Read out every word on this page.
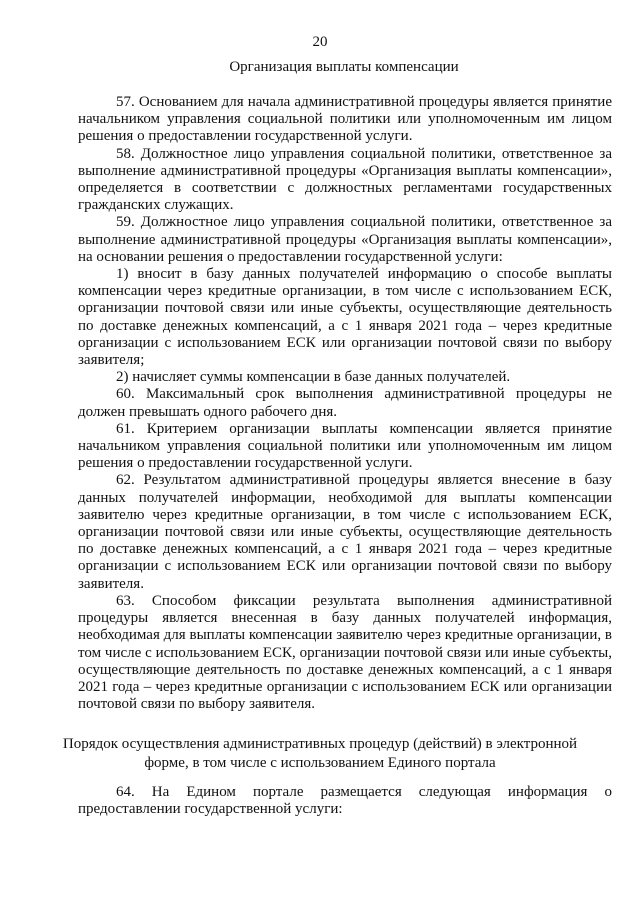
20
Организация выплаты компенсации

57. Основанием для начала административной процедуры является принятие начальником управления социальной политики или уполномоченным им лицом решения о предоставлении государственной услуги.

58. Должностное лицо управления социальной политики, ответственное за выполнение административной процедуры «Организация выплаты компенсации», определяется в соответствии с должностных регламентами государственных гражданских служащих.

59. Должностное лицо управления социальной политики, ответственное за выполнение административной процедуры «Организация выплаты компенсации», на основании решения о предоставлении государственной услуги:

1) вносит в базу данных получателей информацию о способе выплаты компенсации через кредитные организации, в том числе с использованием ЕСК, организации почтовой связи или иные субъекты, осуществляющие деятельность по доставке денежных компенсаций, а с 1 января 2021 года – через кредитные организации с использованием ЕСК или организации почтовой связи по выбору заявителя;

2) начисляет суммы компенсации в базе данных получателей.

60. Максимальный срок выполнения административной процедуры не должен превышать одного рабочего дня.

61. Критерием организации выплаты компенсации является принятие начальником управления социальной политики или уполномоченным им лицом решения о предоставлении государственной услуги.

62. Результатом административной процедуры является внесение в базу данных получателей информации, необходимой для выплаты компенсации заявителю через кредитные организации, в том числе с использованием ЕСК, организации почтовой связи или иные субъекты, осуществляющие деятельность по доставке денежных компенсаций, а с 1 января 2021 года – через кредитные организации с использованием ЕСК или организации почтовой связи по выбору заявителя.

63. Способом фиксации результата выполнения административной процедуры является внесенная в базу данных получателей информация, необходимая для выплаты компенсации заявителю через кредитные организации, в том числе с использованием ЕСК, организации почтовой связи или иные субъекты, осуществляющие деятельность по доставке денежных компенсаций, а с 1 января 2021 года – через кредитные организации с использованием ЕСК или организации почтовой связи по выбору заявителя.

Порядок осуществления административных процедур (действий) в электронной
форме, в том числе с использованием Единого портала

64. На Едином портале размещается следующая информация о предоставлении государственной услуги:
